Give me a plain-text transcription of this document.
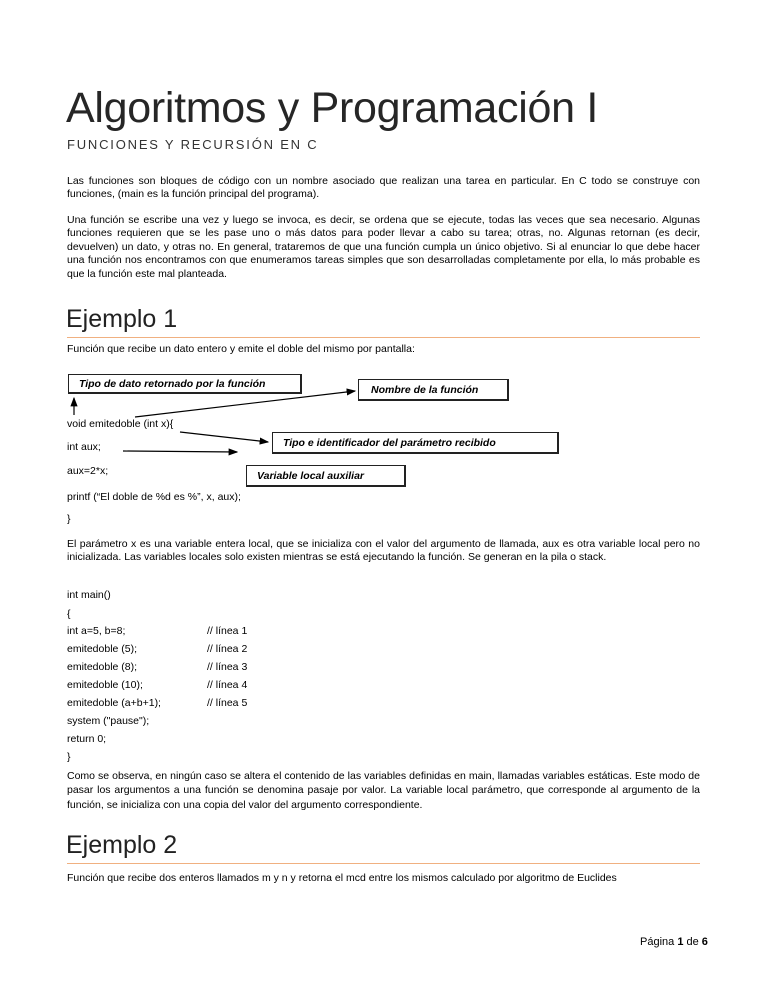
Algoritmos y Programación I
FUNCIONES Y RECURSIÓN EN C
Las funciones son bloques de código con un nombre asociado que realizan una tarea en particular. En C todo se construye con funciones, (main es la función principal del programa).
Una función se escribe una vez y luego se invoca, es decir, se ordena que se ejecute, todas las veces que sea necesario. Algunas funciones requieren que se les pase uno o más datos para poder llevar a cabo su tarea; otras, no. Algunas retornan (es decir, devuelven) un dato, y otras no. En general, trataremos de que una función cumpla un único objetivo. Si al enunciar lo que debe hacer una función nos encontramos con que enumeramos tareas simples que son desarrolladas completamente por ella, lo más probable es que la función este mal planteada.
Ejemplo 1
Función que recibe un dato entero y emite el doble del mismo por pantalla:
Tipo de dato retornado por la función	Nombre de la función
Tipo e identificador del parámetro recibido
Variable local auxiliar
void emitedoble (int x){
int aux;
aux=2*x;
printf (“El doble de %d es %”, x, aux);
}
El parámetro x es una variable entera local, que se inicializa con el valor del argumento de llamada, aux es otra variable local pero no inicializada. Las variables locales solo existen mientras se está ejecutando la función. Se generan en la pila o stack.
int main()
{
int a=5, b=8;
emitedoble (5);
emitedoble (8);
emitedoble (10);
emitedoble (a+b+1);
system ("pause");
return 0;
}
// línea 1
// línea 2
// línea 3
// línea 4
// línea 5
Como se observa, en ningún caso se altera el contenido de las variables definidas en main, llamadas variables estáticas. Este modo de pasar los argumentos a una función se denomina pasaje por valor. La variable local parámetro, que corresponde al argumento de la función, se inicializa con una copia del valor del argumento correspondiente.
Ejemplo 2
Función que recibe dos enteros llamados m y n y retorna el mcd entre los mismos calculado por algoritmo de Euclides
Página 1 de 6
